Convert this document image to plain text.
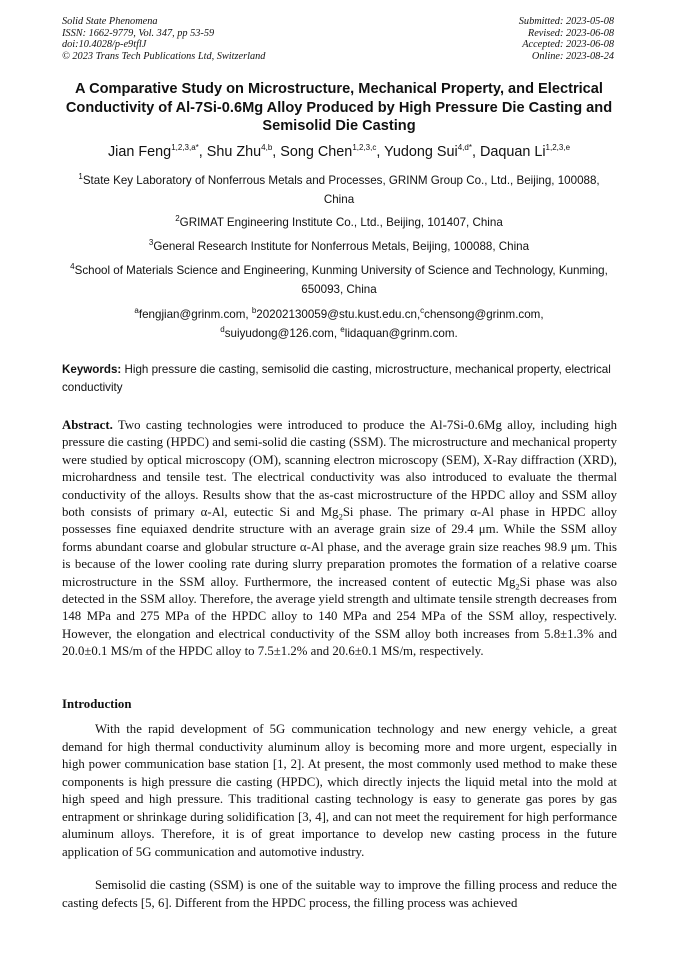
Solid State Phenomena
ISSN: 1662-9779, Vol. 347, pp 53-59
doi:10.4028/p-e9tflJ
© 2023 Trans Tech Publications Ltd, Switzerland
Submitted: 2023-05-08
Revised: 2023-06-08
Accepted: 2023-06-08
Online: 2023-08-24
A Comparative Study on Microstructure, Mechanical Property, and Electrical Conductivity of Al-7Si-0.6Mg Alloy Produced by High Pressure Die Casting and Semisolid Die Casting
Jian Feng$^{1,2,3,a*}$, Shu Zhu$^{4,b}$, Song Chen$^{1,2,3,c}$, Yudong Sui$^{4,d*}$, Daquan Li$^{1,2,3,e}$
$^1$State Key Laboratory of Nonferrous Metals and Processes, GRINM Group Co., Ltd., Beijing, 100088, China
$^2$GRIMAT Engineering Institute Co., Ltd., Beijing, 101407, China
$^3$General Research Institute for Nonferrous Metals, Beijing, 100088, China
$^4$School of Materials Science and Engineering, Kunming University of Science and Technology, Kunming, 650093, China
$^a$fengjian@grinm.com, $^b$20202130059@stu.kust.edu.cn,$^c$chensong@grinm.com,
$^d$suiyudong@126.com, $^e$lidaquan@grinm.com.
Keywords: High pressure die casting, semisolid die casting, microstructure, mechanical property, electrical conductivity
Abstract. Two casting technologies were introduced to produce the Al-7Si-0.6Mg alloy, including high pressure die casting (HPDC) and semi-solid die casting (SSM). The microstructure and mechanical property were studied by optical microscopy (OM), scanning electron microscopy (SEM), X-Ray diffraction (XRD), microhardness and tensile test. The electrical conductivity was also introduced to evaluate the thermal conductivity of the alloys. Results show that the as-cast microstructure of the HPDC alloy and SSM alloy both consists of primary α-Al, eutectic Si and $Mg_2Si$ phase. The primary α-Al phase in HPDC alloy possesses fine equiaxed dendrite structure with an average grain size of 29.4 μm. While the SSM alloy forms abundant coarse and globular structure α-Al phase, and the average grain size reaches 98.9 μm. This is because of the lower cooling rate during slurry preparation promotes the formation of a relative coarse microstructure in the SSM alloy. Furthermore, the increased content of eutectic $Mg_2Si$ phase was also detected in the SSM alloy. Therefore, the average yield strength and ultimate tensile strength decreases from 148 MPa and 275 MPa of the HPDC alloy to 140 MPa and 254 MPa of the SSM alloy, respectively. However, the elongation and electrical conductivity of the SSM alloy both increases from 5.8±1.3% and 20.0±0.1 MS/m of the HPDC alloy to 7.5±1.2% and 20.6±0.1 MS/m, respectively.
Introduction
With the rapid development of 5G communication technology and new energy vehicle, a great demand for high thermal conductivity aluminum alloy is becoming more and more urgent, especially in high power communication base station [1, 2]. At present, the most commonly used method to make these components is high pressure die casting (HPDC), which directly injects the liquid metal into the mold at high speed and high pressure. This traditional casting technology is easy to generate gas pores by gas entrapment or shrinkage during solidification [3, 4], and can not meet the requirement for high performance aluminum alloys. Therefore, it is of great importance to develop new casting process in the future application of 5G communication and automotive industry.
Semisolid die casting (SSM) is one of the suitable way to improve the filling process and reduce the casting defects [5, 6]. Different from the HPDC process, the filling process was achieved
